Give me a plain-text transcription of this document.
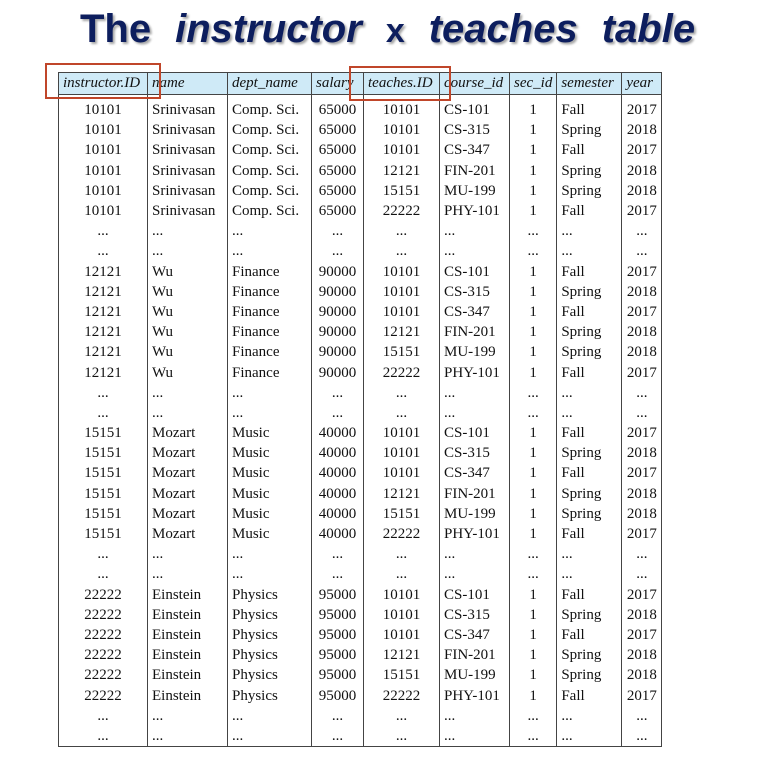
The instructor x teaches table
instructor.ID	name	dept_name	salary	teaches.ID	course_id	sec_id	semester	year

10101	Srinivasan	Comp. Sci.	65000	10101	CS-101	1	Fall	2017
10101	Srinivasan	Comp. Sci.	65000	10101	CS-315	1	Spring	2018
10101	Srinivasan	Comp. Sci.	65000	10101	CS-347	1	Fall	2017
10101	Srinivasan	Comp. Sci.	65000	12121	FIN-201	1	Spring	2018
10101	Srinivasan	Comp. Sci.	65000	15151	MU-199	1	Spring	2018
10101	Srinivasan	Comp. Sci.	65000	22222	PHY-101	1	Fall	2017
...	...	...	...	...	...	...	...	...
...	...	...	...	...	...	...	...	...
12121	Wu	Finance	90000	10101	CS-101	1	Fall	2017
12121	Wu	Finance	90000	10101	CS-315	1	Spring	2018
12121	Wu	Finance	90000	10101	CS-347	1	Fall	2017
12121	Wu	Finance	90000	12121	FIN-201	1	Spring	2018
12121	Wu	Finance	90000	15151	MU-199	1	Spring	2018
12121	Wu	Finance	90000	22222	PHY-101	1	Fall	2017
...	...	...	...	...	...	...	...	...
...	...	...	...	...	...	...	...	...
15151	Mozart	Music	40000	10101	CS-101	1	Fall	2017
15151	Mozart	Music	40000	10101	CS-315	1	Spring	2018
15151	Mozart	Music	40000	10101	CS-347	1	Fall	2017
15151	Mozart	Music	40000	12121	FIN-201	1	Spring	2018
15151	Mozart	Music	40000	15151	MU-199	1	Spring	2018
15151	Mozart	Music	40000	22222	PHY-101	1	Fall	2017
...	...	...	...	...	...	...	...	...
...	...	...	...	...	...	...	...	...
22222	Einstein	Physics	95000	10101	CS-101	1	Fall	2017
22222	Einstein	Physics	95000	10101	CS-315	1	Spring	2018
22222	Einstein	Physics	95000	10101	CS-347	1	Fall	2017
22222	Einstein	Physics	95000	12121	FIN-201	1	Spring	2018
22222	Einstein	Physics	95000	15151	MU-199	1	Spring	2018
22222	Einstein	Physics	95000	22222	PHY-101	1	Fall	2017
...	...	...	...	...	...	...	...	...
...	...	...	...	...	...	...	...	...
